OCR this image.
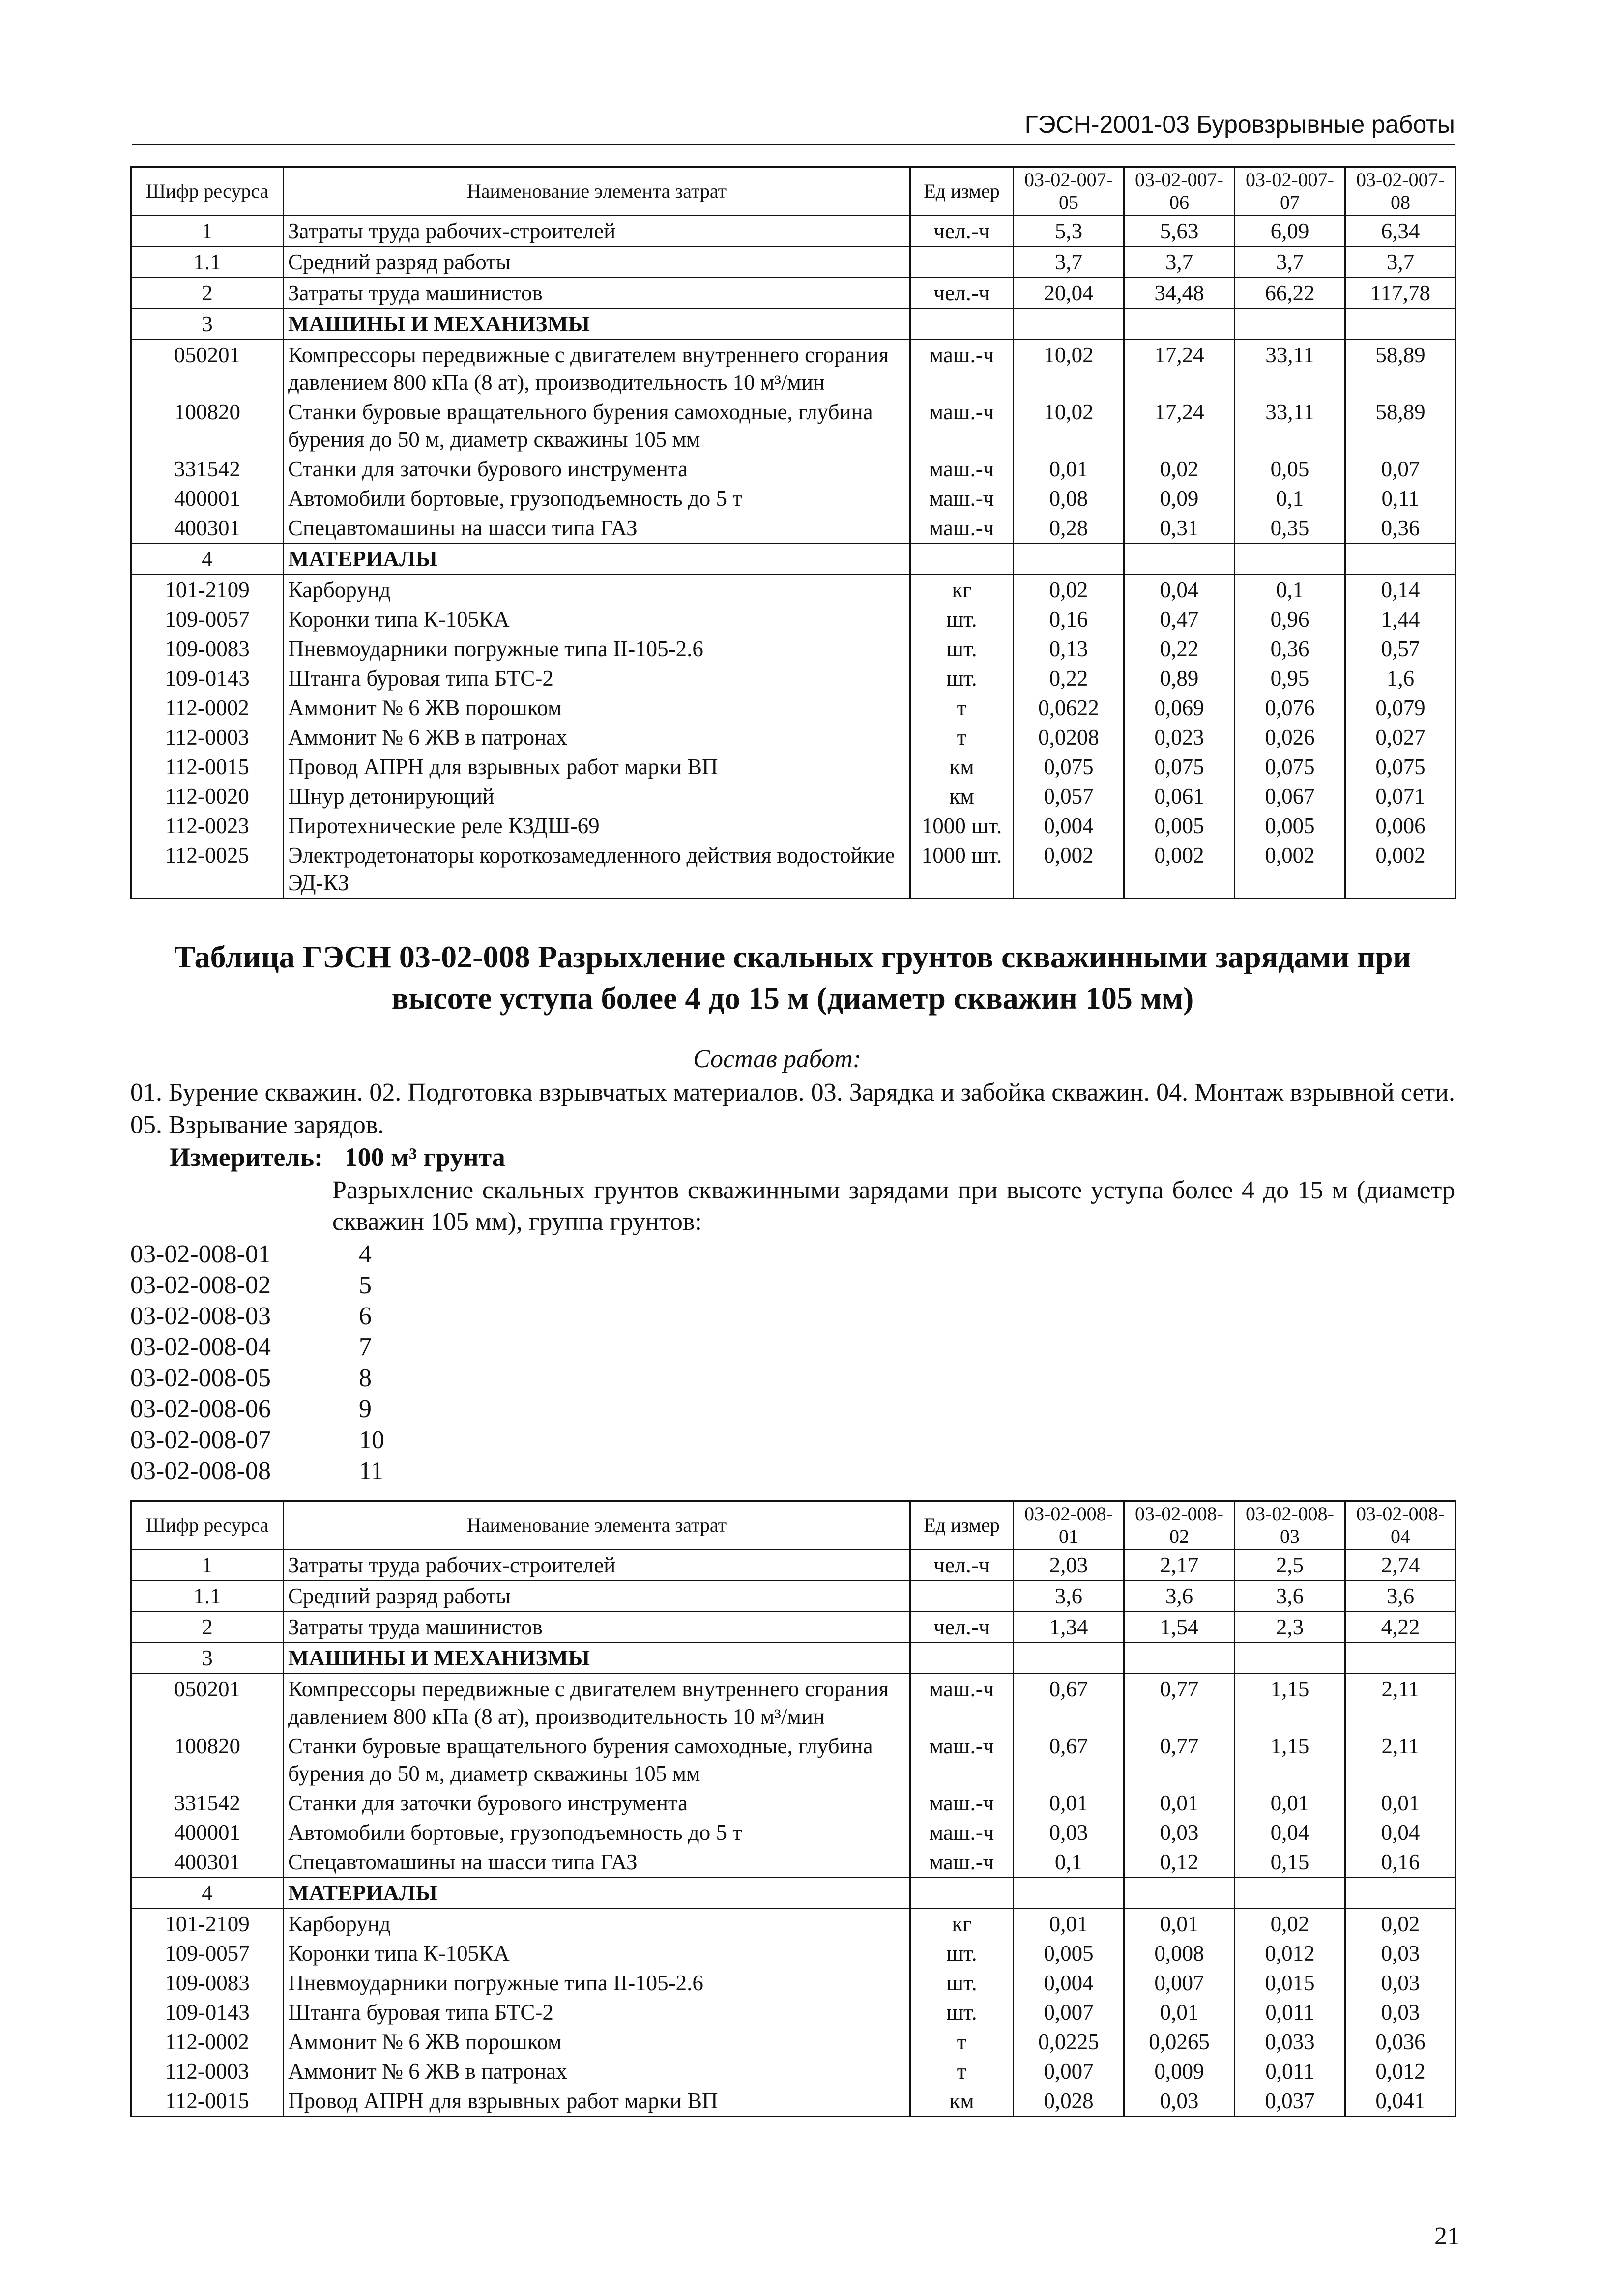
ГЭСН-2001-03 Буровзрывные работы
Шифр ресурса	Наименование элемента затрат	Ед измер	03-02-007-05	03-02-007-06	03-02-007-07	03-02-007-08
1	Затраты труда рабочих-строителей	чел.-ч	5,3	5,63	6,09	6,34
1.1	Средний разряд работы		3,7	3,7	3,7	3,7
2	Затраты труда машинистов	чел.-ч	20,04	34,48	66,22	117,78
3	МАШИНЫ И МЕХАНИЗМЫ					
050201	Компрессоры передвижные с двигателем внутреннего сгорания давлением 800 кПа (8 ат), производительность 10 м³/мин	маш.-ч	10,02	17,24	33,11	58,89
100820	Станки буровые вращательного бурения самоходные, глубина бурения до 50 м, диаметр скважины 105 мм	маш.-ч	10,02	17,24	33,11	58,89
331542	Станки для заточки бурового инструмента	маш.-ч	0,01	0,02	0,05	0,07
400001	Автомобили бортовые, грузоподъемность до 5 т	маш.-ч	0,08	0,09	0,1	0,11
400301	Спецавтомашины на шасси типа ГАЗ	маш.-ч	0,28	0,31	0,35	0,36
4	МАТЕРИАЛЫ					
101-2109	Карборунд	кг	0,02	0,04	0,1	0,14
109-0057	Коронки типа К-105КА	шт.	0,16	0,47	0,96	1,44
109-0083	Пневмоударники погружные типа II-105-2.6	шт.	0,13	0,22	0,36	0,57
109-0143	Штанга буровая типа БТС-2	шт.	0,22	0,89	0,95	1,6
112-0002	Аммонит № 6 ЖВ порошком	т	0,0622	0,069	0,076	0,079
112-0003	Аммонит № 6 ЖВ в патронах	т	0,0208	0,023	0,026	0,027
112-0015	Провод АПРН для взрывных работ марки ВП	км	0,075	0,075	0,075	0,075
112-0020	Шнур детонирующий	км	0,057	0,061	0,067	0,071
112-0023	Пиротехнические реле КЗДШ-69	1000 шт.	0,004	0,005	0,005	0,006
112-0025	Электродетонаторы короткозамедленного действия водостойкие ЭД-КЗ	1000 шт.	0,002	0,002	0,002	0,002
Таблица ГЭСН 03-02-008 Разрыхление скальных грунтов скважинными зарядами при высоте уступа более 4 до 15 м (диаметр скважин 105 мм)
Состав работ:
01. Бурение скважин. 02. Подготовка взрывчатых материалов. 03. Зарядка и забойка скважин. 04. Монтаж взрывной сети. 05. Взрывание зарядов.
Измеритель: 100 м³ грунта
Разрыхление скальных грунтов скважинными зарядами при высоте уступа более 4 до 15 м (диаметр скважин 105 мм), группа грунтов:
03-02-008-01	4
03-02-008-02	5
03-02-008-03	6
03-02-008-04	7
03-02-008-05	8
03-02-008-06	9
03-02-008-07	10
03-02-008-08	11
Шифр ресурса	Наименование элемента затрат	Ед измер	03-02-008-01	03-02-008-02	03-02-008-03	03-02-008-04
1	Затраты труда рабочих-строителей	чел.-ч	2,03	2,17	2,5	2,74
1.1	Средний разряд работы		3,6	3,6	3,6	3,6
2	Затраты труда машинистов	чел.-ч	1,34	1,54	2,3	4,22
3	МАШИНЫ И МЕХАНИЗМЫ					
050201	Компрессоры передвижные с двигателем внутреннего сгорания давлением 800 кПа (8 ат), производительность 10 м³/мин	маш.-ч	0,67	0,77	1,15	2,11
100820	Станки буровые вращательного бурения самоходные, глубина бурения до 50 м, диаметр скважины 105 мм	маш.-ч	0,67	0,77	1,15	2,11
331542	Станки для заточки бурового инструмента	маш.-ч	0,01	0,01	0,01	0,01
400001	Автомобили бортовые, грузоподъемность до 5 т	маш.-ч	0,03	0,03	0,04	0,04
400301	Спецавтомашины на шасси типа ГАЗ	маш.-ч	0,1	0,12	0,15	0,16
4	МАТЕРИАЛЫ					
101-2109	Карборунд	кг	0,01	0,01	0,02	0,02
109-0057	Коронки типа К-105КА	шт.	0,005	0,008	0,012	0,03
109-0083	Пневмоударники погружные типа II-105-2.6	шт.	0,004	0,007	0,015	0,03
109-0143	Штанга буровая типа БТС-2	шт.	0,007	0,01	0,011	0,03
112-0002	Аммонит № 6 ЖВ порошком	т	0,0225	0,0265	0,033	0,036
112-0003	Аммонит № 6 ЖВ в патронах	т	0,007	0,009	0,011	0,012
112-0015	Провод АПРН для взрывных работ марки ВП	км	0,028	0,03	0,037	0,041
21
